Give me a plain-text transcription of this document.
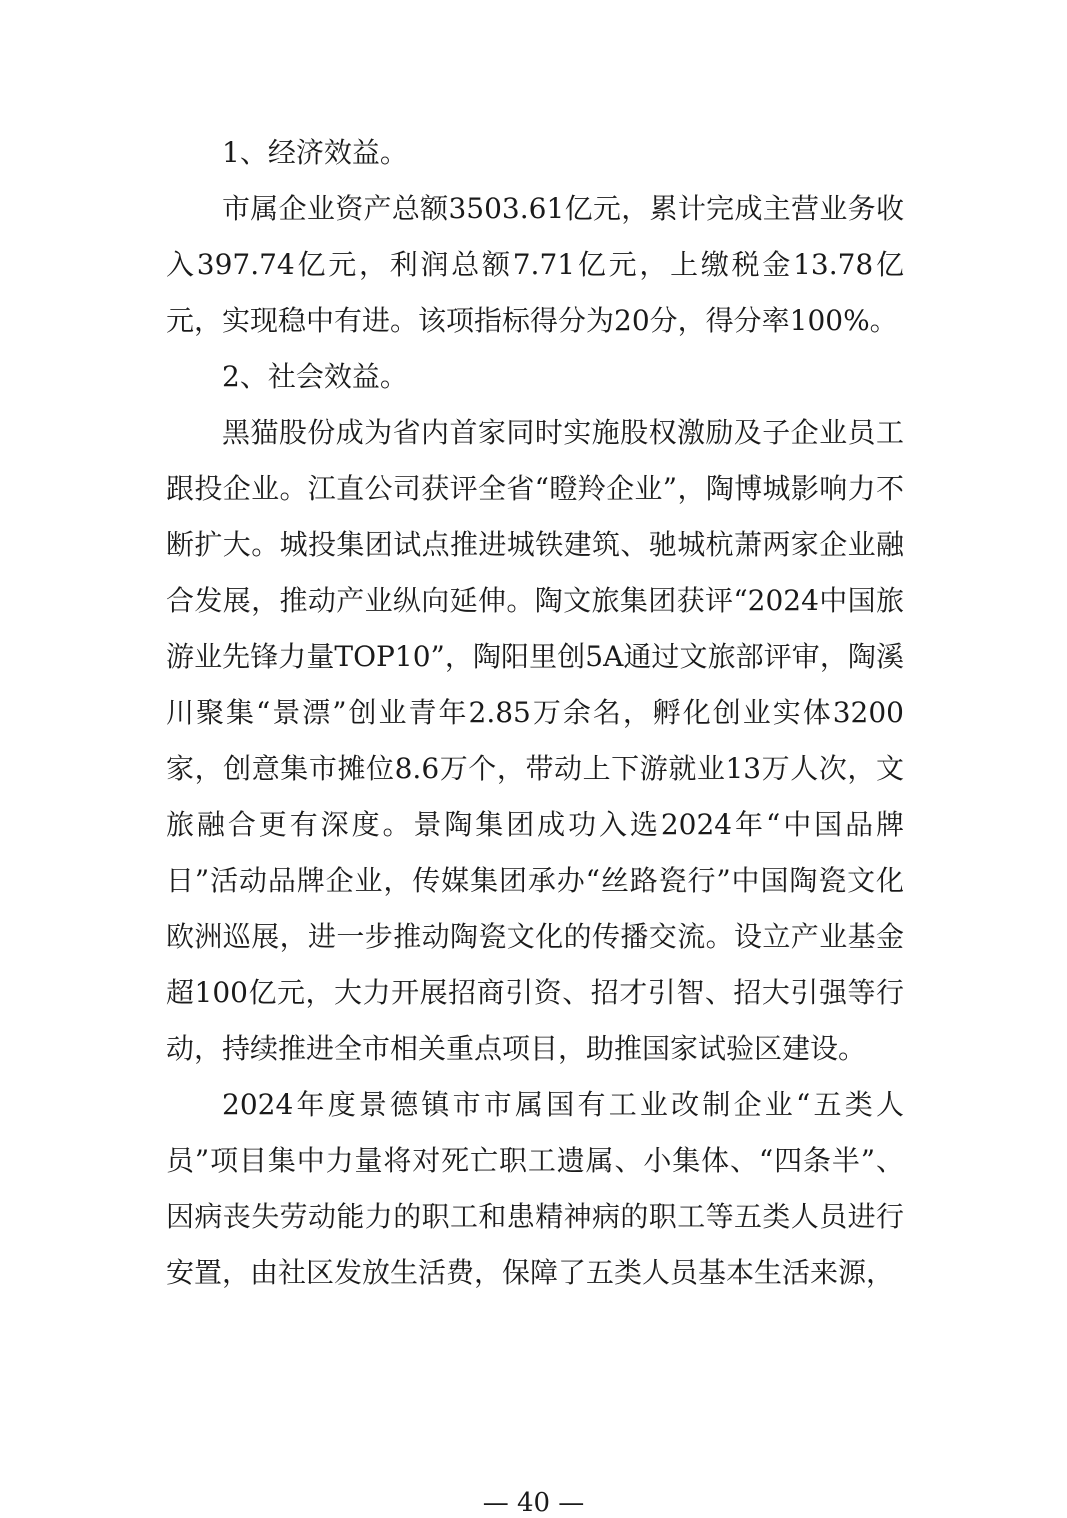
1、经济效益。

市属企业资产总额3503.61亿元，累计完成主营业务收入397.74亿元，利润总额7.71亿元，上缴税金13.78亿元，实现稳中有进。该项指标得分为20分，得分率100%。

2、社会效益。

黑猫股份成为省内首家同时实施股权激励及子企业员工跟投企业。江直公司获评全省“瞪羚企业”，陶博城影响力不断扩大。城投集团试点推进城铁建筑、驰城杭萧两家企业融合发展，推动产业纵向延伸。陶文旅集团获评“2024中国旅游业先锋力量TOP10”，陶阳里创5A通过文旅部评审，陶溪川聚集“景漂”创业青年2.85万余名，孵化创业实体3200家，创意集市摊位8.6万个，带动上下游就业13万人次，文旅融合更有深度。景陶集团成功入选2024年“中国品牌日”活动品牌企业，传媒集团承办“丝路瓷行”中国陶瓷文化欧洲巡展，进一步推动陶瓷文化的传播交流。设立产业基金超100亿元，大力开展招商引资、招才引智、招大引强等行动，持续推进全市相关重点项目，助推国家试验区建设。

2024年度景德镇市市属国有工业改制企业“五类人员”项目集中力量将对死亡职工遗属、小集体、“四条半”、因病丧失劳动能力的职工和患精神病的职工等五类人员进行安置，由社区发放生活费，保障了五类人员基本生活来源，

— 40 —
